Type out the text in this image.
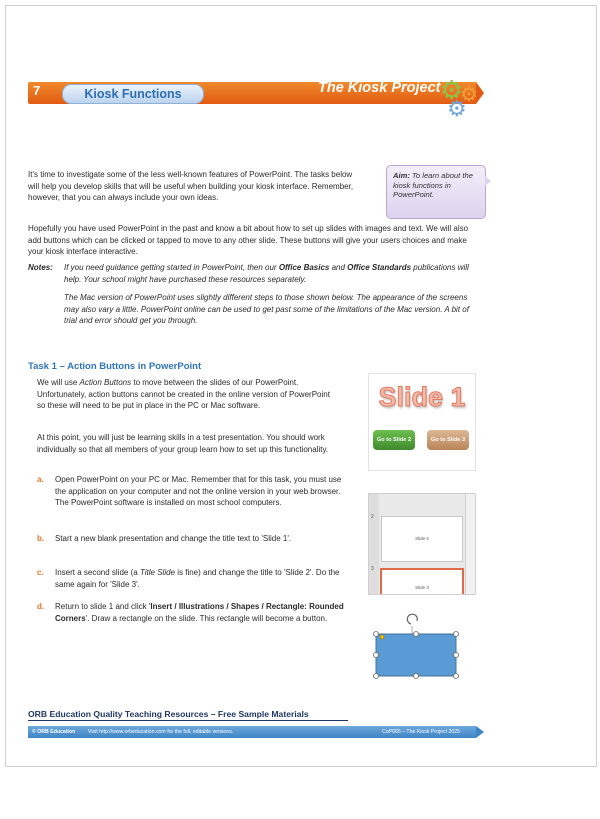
7	Kiosk Functions	The Kiosk Project ⚙
⚙
⚙
It's time to investigate some of the less well-known features of PowerPoint. The tasks below will help you develop skills that will be useful when building your kiosk interface. Remember, however, that you can always include your own ideas.
Aim: To learn about the kiosk functions in PowerPoint.
Hopefully you have used PowerPoint in the past and know a bit about how to set up slides with images and text. We will also add buttons which can be clicked or tapped to move to any other slide. These buttons will give your users choices and make your kiosk interface interactive.
Notes: If you need guidance getting started in PowerPoint, then our Office Basics and Office Standards publications will help. Your school might have purchased these resources separately.
The Mac version of PowerPoint uses slightly different steps to those shown below. The appearance of the screens may also vary a little. PowerPoint online can be used to get past some of the limitations of the Mac version. A bit of trial and error should get you through.
Task 1 – Action Buttons in PowerPoint
We will use Action Buttons to move between the slides of our PowerPoint. Unfortunately, action buttons cannot be created in the online version of PowerPoint so these will need to be put in place in the PC or Mac software.
At this point, you will just be learning skills in a test presentation. You should work individually so that all members of your group learn how to set up this functionality.
a. Open PowerPoint on your PC or Mac. Remember that for this task, you must use the application on your computer and not the online version in your web browser. The PowerPoint software is installed on most school computers.
b. Start a new blank presentation and change the title text to 'Slide 1'.
c. Insert a second slide (a Title Slide is fine) and change the title to 'Slide 2'. Do the same again for 'Slide 3'.
d. Return to slide 1 and click 'Insert / Illustrations / Shapes / Rectangle: Rounded Corners'. Draw a rectangle on the slide. This rectangle will become a button.
Slide 1
Go to Slide 2	Go to Slide 3
2
Slide 2
3
Slide 3
ORB Education Quality Teaching Resources – Free Sample Materials
© ORB Education Visit http://www.orbeducation.com for the full, editable versions.	CoP065 – The Kiosk Project 2025
